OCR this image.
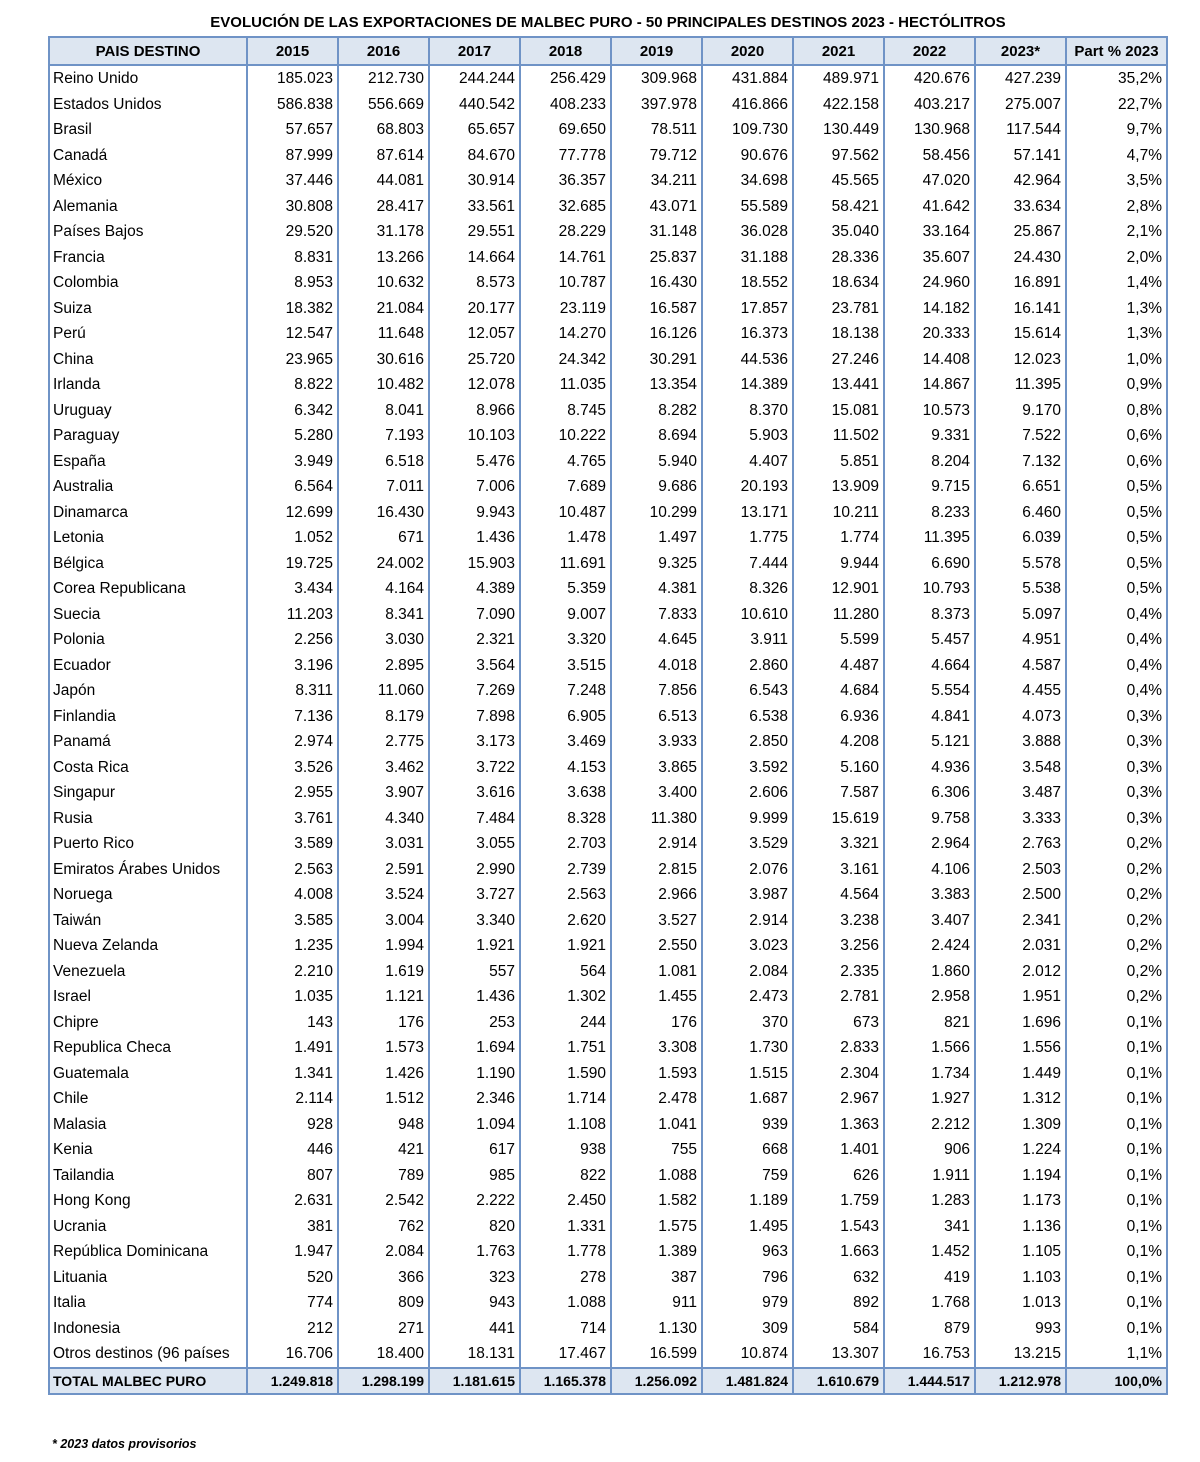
EVOLUCIÓN DE LAS EXPORTACIONES DE MALBEC PURO - 50 PRINCIPALES DESTINOS 2023 - HECTÓLITROS
PAIS DESTINO	2015	2016	2017	2018	2019	2020	2021	2022	2023*	Part % 2023
Reino Unido	185.023	212.730	244.244	256.429	309.968	431.884	489.971	420.676	427.239	35,2%
Estados Unidos	586.838	556.669	440.542	408.233	397.978	416.866	422.158	403.217	275.007	22,7%
Brasil	57.657	68.803	65.657	69.650	78.511	109.730	130.449	130.968	117.544	9,7%
Canadá	87.999	87.614	84.670	77.778	79.712	90.676	97.562	58.456	57.141	4,7%
México	37.446	44.081	30.914	36.357	34.211	34.698	45.565	47.020	42.964	3,5%
Alemania	30.808	28.417	33.561	32.685	43.071	55.589	58.421	41.642	33.634	2,8%
Países Bajos	29.520	31.178	29.551	28.229	31.148	36.028	35.040	33.164	25.867	2,1%
Francia	8.831	13.266	14.664	14.761	25.837	31.188	28.336	35.607	24.430	2,0%
Colombia	8.953	10.632	8.573	10.787	16.430	18.552	18.634	24.960	16.891	1,4%
Suiza	18.382	21.084	20.177	23.119	16.587	17.857	23.781	14.182	16.141	1,3%
Perú	12.547	11.648	12.057	14.270	16.126	16.373	18.138	20.333	15.614	1,3%
China	23.965	30.616	25.720	24.342	30.291	44.536	27.246	14.408	12.023	1,0%
Irlanda	8.822	10.482	12.078	11.035	13.354	14.389	13.441	14.867	11.395	0,9%
Uruguay	6.342	8.041	8.966	8.745	8.282	8.370	15.081	10.573	9.170	0,8%
Paraguay	5.280	7.193	10.103	10.222	8.694	5.903	11.502	9.331	7.522	0,6%
España	3.949	6.518	5.476	4.765	5.940	4.407	5.851	8.204	7.132	0,6%
Australia	6.564	7.011	7.006	7.689	9.686	20.193	13.909	9.715	6.651	0,5%
Dinamarca	12.699	16.430	9.943	10.487	10.299	13.171	10.211	8.233	6.460	0,5%
Letonia	1.052	671	1.436	1.478	1.497	1.775	1.774	11.395	6.039	0,5%
Bélgica	19.725	24.002	15.903	11.691	9.325	7.444	9.944	6.690	5.578	0,5%
Corea Republicana	3.434	4.164	4.389	5.359	4.381	8.326	12.901	10.793	5.538	0,5%
Suecia	11.203	8.341	7.090	9.007	7.833	10.610	11.280	8.373	5.097	0,4%
Polonia	2.256	3.030	2.321	3.320	4.645	3.911	5.599	5.457	4.951	0,4%
Ecuador	3.196	2.895	3.564	3.515	4.018	2.860	4.487	4.664	4.587	0,4%
Japón	8.311	11.060	7.269	7.248	7.856	6.543	4.684	5.554	4.455	0,4%
Finlandia	7.136	8.179	7.898	6.905	6.513	6.538	6.936	4.841	4.073	0,3%
Panamá	2.974	2.775	3.173	3.469	3.933	2.850	4.208	5.121	3.888	0,3%
Costa Rica	3.526	3.462	3.722	4.153	3.865	3.592	5.160	4.936	3.548	0,3%
Singapur	2.955	3.907	3.616	3.638	3.400	2.606	7.587	6.306	3.487	0,3%
Rusia	3.761	4.340	7.484	8.328	11.380	9.999	15.619	9.758	3.333	0,3%
Puerto Rico	3.589	3.031	3.055	2.703	2.914	3.529	3.321	2.964	2.763	0,2%
Emiratos Árabes Unidos	2.563	2.591	2.990	2.739	2.815	2.076	3.161	4.106	2.503	0,2%
Noruega	4.008	3.524	3.727	2.563	2.966	3.987	4.564	3.383	2.500	0,2%
Taiwán	3.585	3.004	3.340	2.620	3.527	2.914	3.238	3.407	2.341	0,2%
Nueva Zelanda	1.235	1.994	1.921	1.921	2.550	3.023	3.256	2.424	2.031	0,2%
Venezuela	2.210	1.619	557	564	1.081	2.084	2.335	1.860	2.012	0,2%
Israel	1.035	1.121	1.436	1.302	1.455	2.473	2.781	2.958	1.951	0,2%
Chipre	143	176	253	244	176	370	673	821	1.696	0,1%
Republica Checa	1.491	1.573	1.694	1.751	3.308	1.730	2.833	1.566	1.556	0,1%
Guatemala	1.341	1.426	1.190	1.590	1.593	1.515	2.304	1.734	1.449	0,1%
Chile	2.114	1.512	2.346	1.714	2.478	1.687	2.967	1.927	1.312	0,1%
Malasia	928	948	1.094	1.108	1.041	939	1.363	2.212	1.309	0,1%
Kenia	446	421	617	938	755	668	1.401	906	1.224	0,1%
Tailandia	807	789	985	822	1.088	759	626	1.911	1.194	0,1%
Hong Kong	2.631	2.542	2.222	2.450	1.582	1.189	1.759	1.283	1.173	0,1%
Ucrania	381	762	820	1.331	1.575	1.495	1.543	341	1.136	0,1%
República Dominicana	1.947	2.084	1.763	1.778	1.389	963	1.663	1.452	1.105	0,1%
Lituania	520	366	323	278	387	796	632	419	1.103	0,1%
Italia	774	809	943	1.088	911	979	892	1.768	1.013	0,1%
Indonesia	212	271	441	714	1.130	309	584	879	993	0,1%
Otros destinos (96 países	16.706	18.400	18.131	17.467	16.599	10.874	13.307	16.753	13.215	1,1%
TOTAL MALBEC PURO	1.249.818	1.298.199	1.181.615	1.165.378	1.256.092	1.481.824	1.610.679	1.444.517	1.212.978	100,0%
* 2023 datos provisorios
